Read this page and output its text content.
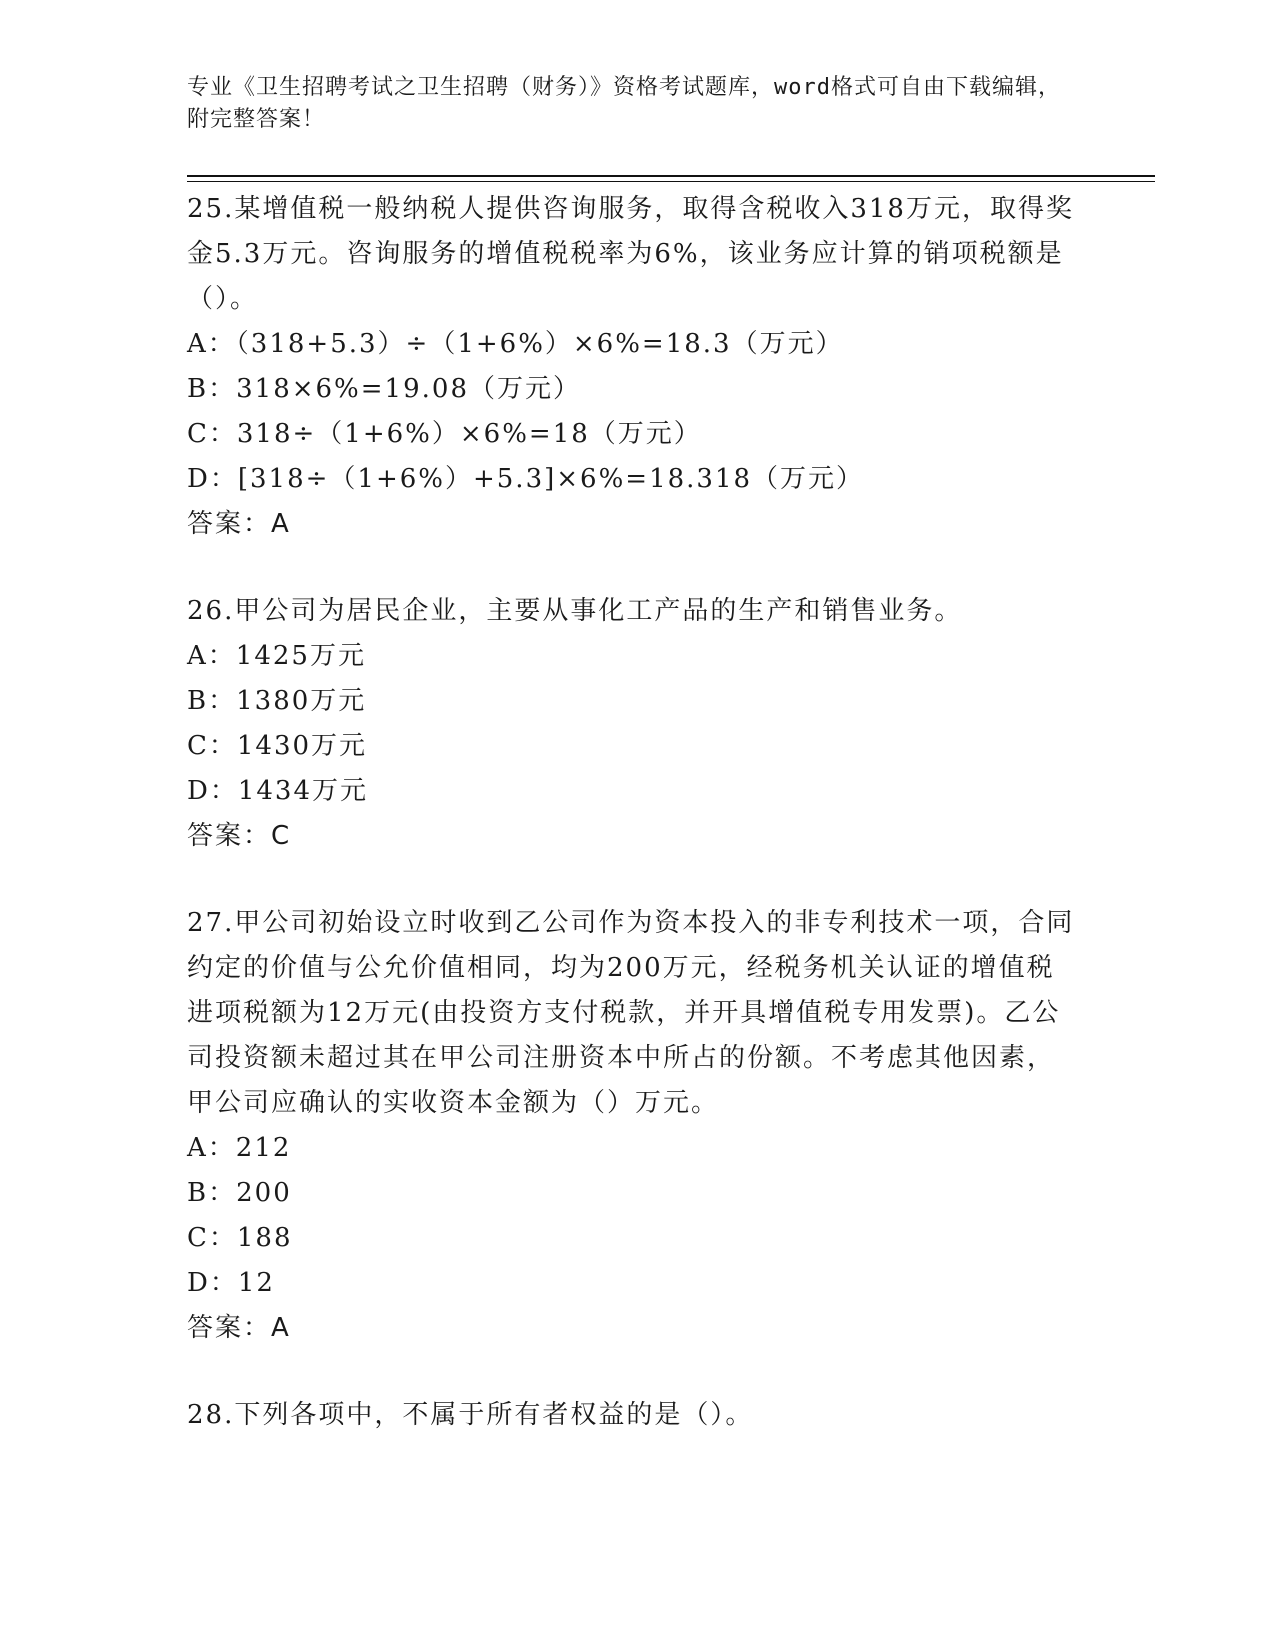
专业《卫生招聘考试之卫生招聘（财务）》资格考试题库，word格式可自由下载编辑，附完整答案！
25.某增值税一般纳税人提供咨询服务，取得含税收入318万元，取得奖金5.3万元。咨询服务的增值税税率为6%，该业务应计算的销项税额是（）。
A：（318+5.3）÷（1+6%）×6%=18.3（万元）
B：318×6%=19.08（万元）
C：318÷（1+6%）×6%=18（万元）
D：[318÷（1+6%）+5.3]×6%=18.318（万元）
答案：A
26.甲公司为居民企业，主要从事化工产品的生产和销售业务。
A：1425万元
B：1380万元
C：1430万元
D：1434万元
答案：C
27.甲公司初始设立时收到乙公司作为资本投入的非专利技术一项，合同约定的价值与公允价值相同，均为200万元，经税务机关认证的增值税进项税额为12万元(由投资方支付税款，并开具增值税专用发票)。乙公司投资额未超过其在甲公司注册资本中所占的份额。不考虑其他因素，甲公司应确认的实收资本金额为（）万元。
A：212
B：200
C：188
D：12
答案：A
28.下列各项中，不属于所有者权益的是（）。
